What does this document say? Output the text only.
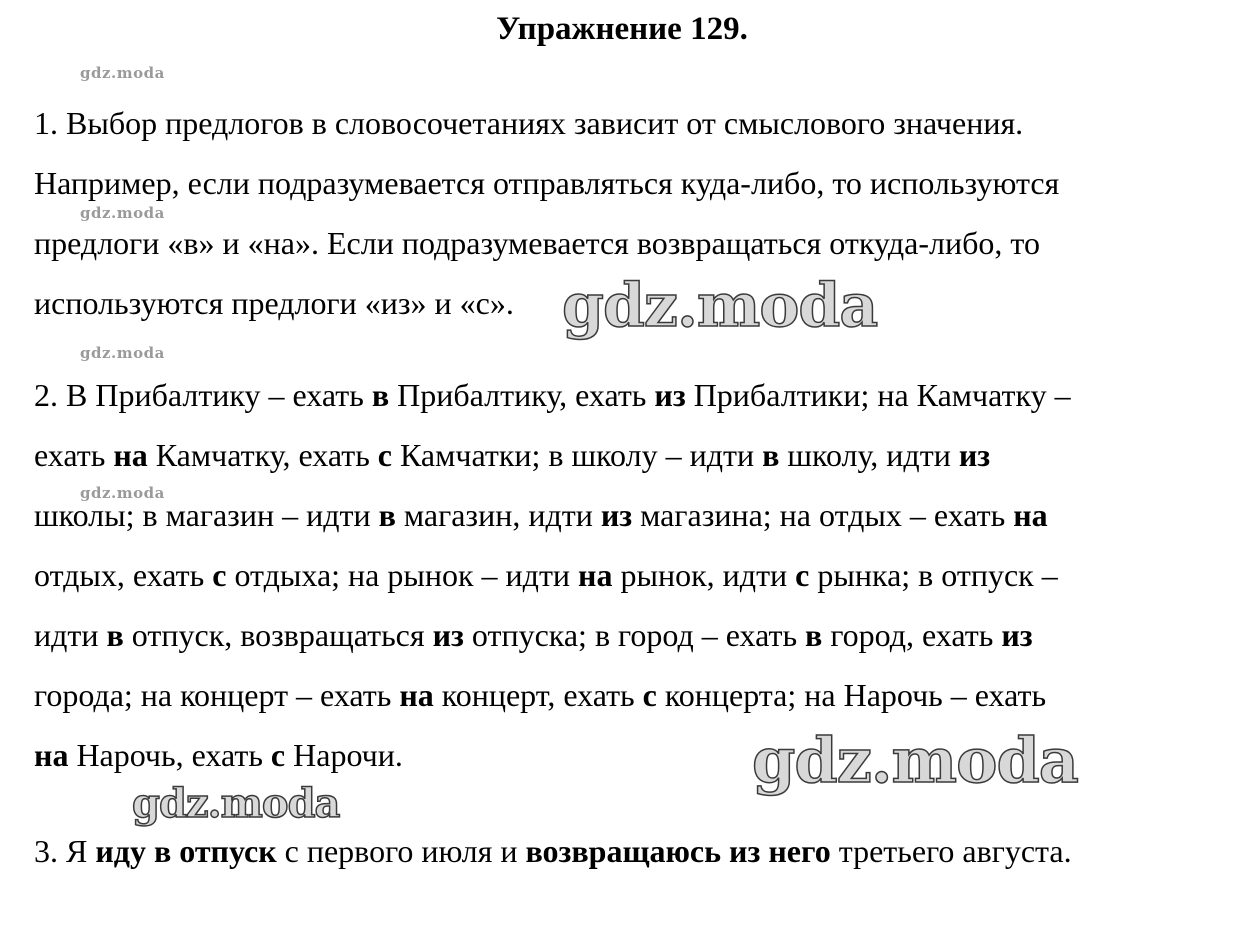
Упражнение 129.
gdz.moda
gdz.moda
gdz.moda
gdz.moda
1. Выбор предлогов в словосочетаниях зависит от смыслового значения.
Например, если подразумевается отправляться куда-либо, то используются
предлоги «в» и «на». Если подразумевается возвращаться откуда-либо, то
используются предлоги «из» и «с».
2. В Прибалтику – ехать в Прибалтику, ехать из Прибалтики; на Камчатку –
ехать на Камчатку, ехать с Камчатки; в школу – идти в школу, идти из
школы; в магазин – идти в магазин, идти из магазина; на отдых – ехать на
отдых, ехать с отдыха; на рынок – идти на рынок, идти с рынка; в отпуск –
идти в отпуск, возвращаться из отпуска; в город – ехать в город, ехать из
города; на концерт – ехать на концерт, ехать с концерта; на Нарочь – ехать
на Нарочь, ехать с Нарочи.
3. Я иду в отпуск с первого июля и возвращаюсь из него третьего августа.
gdz.moda
gdz.moda
gdz.moda
